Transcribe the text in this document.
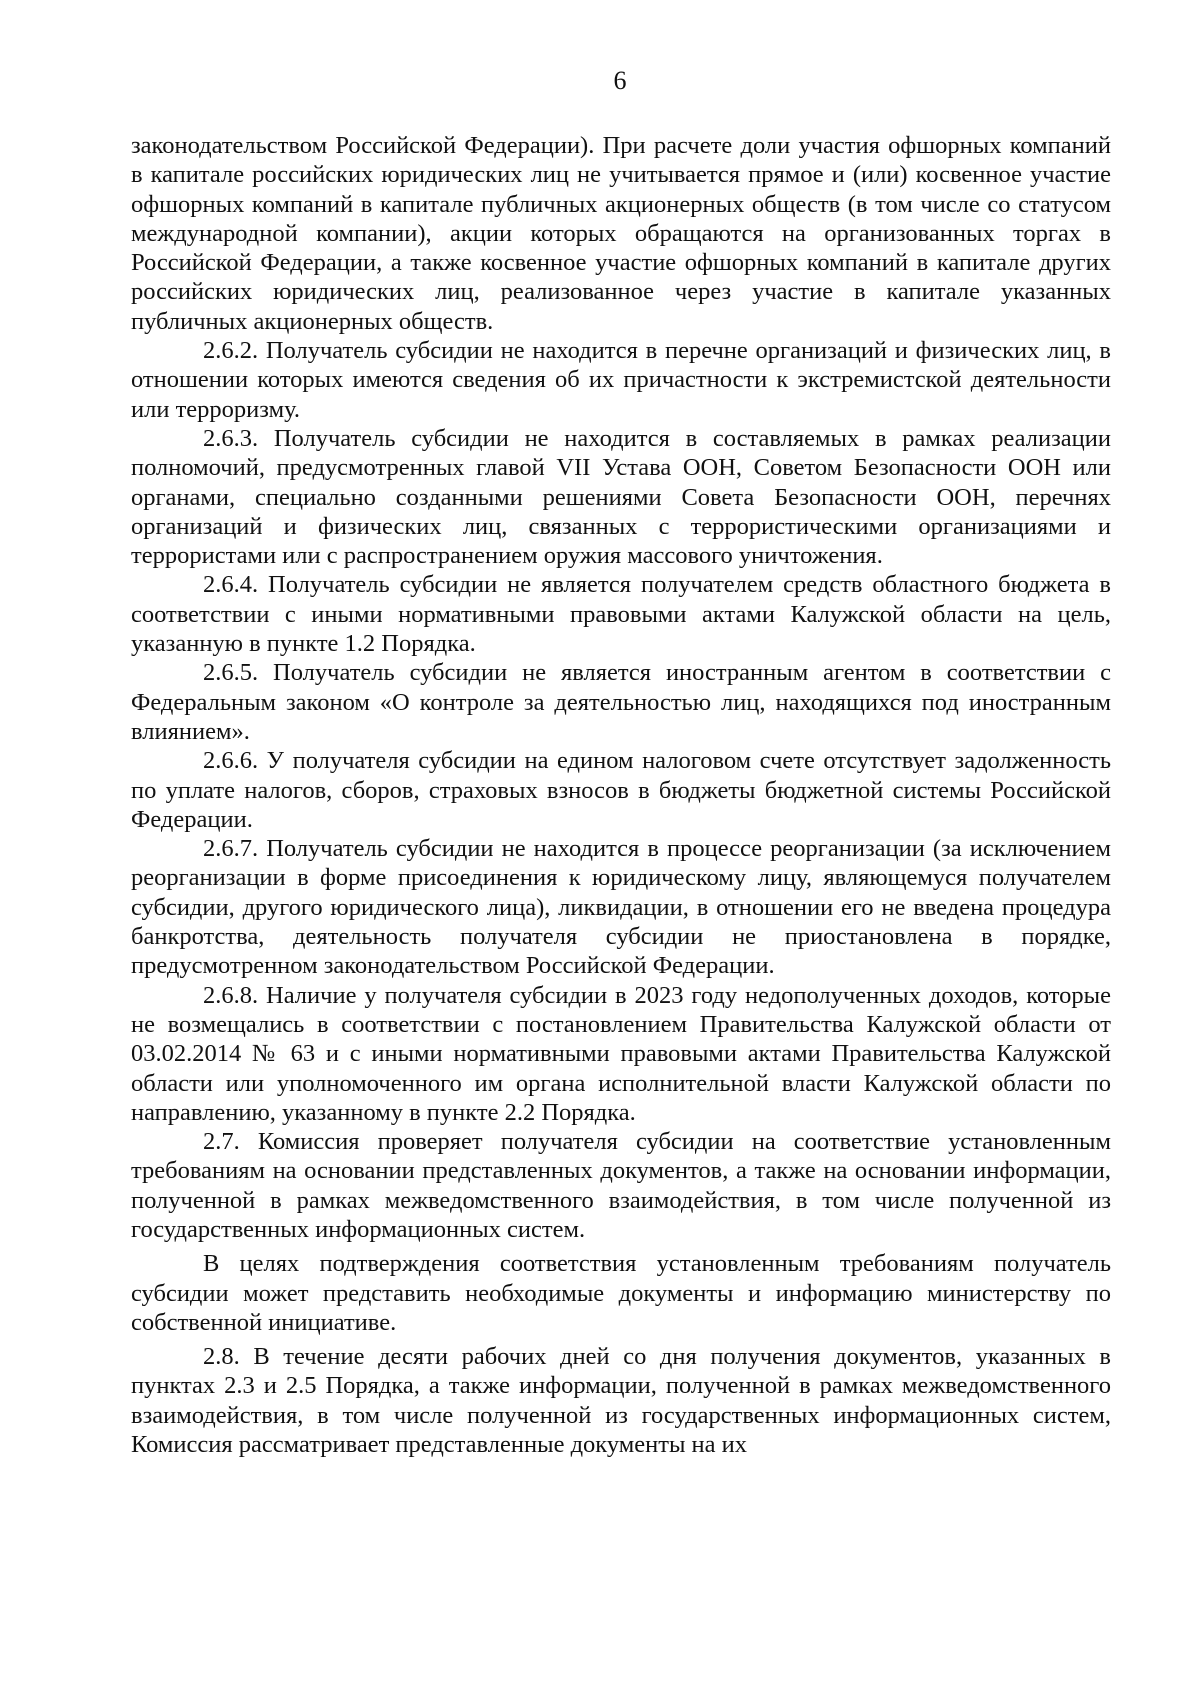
6

законодательством Российской Федерации). При расчете доли участия офшорных компаний в капитале российских юридических лиц не учитывается прямое и (или) косвенное участие офшорных компаний в капитале публичных акционерных обществ (в том числе со статусом международной компании), акции которых обращаются на организованных торгах в Российской Федерации, а также косвенное участие офшорных компаний в капитале других российских юридических лиц, реализованное через участие в капитале указанных публичных акционерных обществ.

2.6.2. Получатель субсидии не находится в перечне организаций и физических лиц, в отношении которых имеются сведения об их причастности к экстремистской деятельности или терроризму.

2.6.3. Получатель субсидии не находится в составляемых в рамках реализации полномочий, предусмотренных главой VII Устава ООН, Советом Безопасности ООН или органами, специально созданными решениями Совета Безопасности ООН, перечнях организаций и физических лиц, связанных с террористическими организациями и террористами или с распространением оружия массового уничтожения.

2.6.4. Получатель субсидии не является получателем средств областного бюджета в соответствии с иными нормативными правовыми актами Калужской области на цель, указанную в пункте 1.2 Порядка.

2.6.5. Получатель субсидии не является иностранным агентом в соответствии с Федеральным законом «О контроле за деятельностью лиц, находящихся под иностранным влиянием».

2.6.6. У получателя субсидии на едином налоговом счете отсутствует задолженность по уплате налогов, сборов, страховых взносов в бюджеты бюджетной системы Российской Федерации.

2.6.7. Получатель субсидии не находится в процессе реорганизации (за исключением реорганизации в форме присоединения к юридическому лицу, являющемуся получателем субсидии, другого юридического лица), ликвидации, в отношении его не введена процедура банкротства, деятельность получателя субсидии не приостановлена в порядке, предусмотренном законодательством Российской Федерации.

2.6.8. Наличие у получателя субсидии в 2023 году недополученных доходов, которые не возмещались в соответствии с постановлением Правительства Калужской области от 03.02.2014 № 63 и с иными нормативными правовыми актами Правительства Калужской области или уполномоченного им органа исполнительной власти Калужской области по направлению, указанному в пункте 2.2 Порядка.

2.7. Комиссия проверяет получателя субсидии на соответствие установленным требованиям на основании представленных документов, а также на основании информации, полученной в рамках межведомственного взаимодействия, в том числе полученной из государственных информационных систем.

В целях подтверждения соответствия установленным требованиям получатель субсидии может представить необходимые документы и информацию министерству по собственной инициативе.

2.8. В течение десяти рабочих дней со дня получения документов, указанных в пунктах 2.3 и 2.5 Порядка, а также информации, полученной в рамках межведомственного взаимодействия, в том числе полученной из государственных информационных систем, Комиссия рассматривает представленные документы на их
